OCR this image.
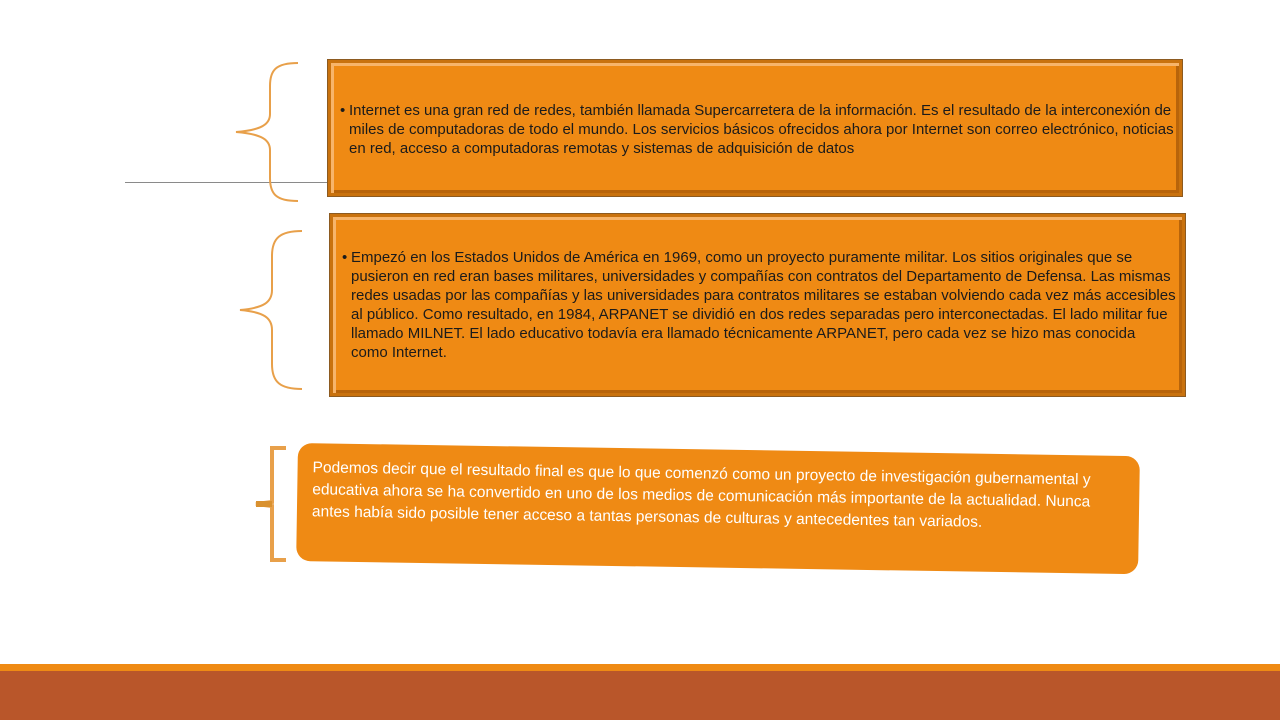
• Internet es una gran red de redes, también llamada Supercarretera de la información. Es el resultado de la interconexión de miles de computadoras de todo el mundo. Los servicios básicos ofrecidos ahora por Internet son correo electrónico, noticias en red, acceso a computadoras remotas y sistemas de adquisición de datos
• Empezó en los Estados Unidos de América en 1969, como un proyecto puramente militar. Los sitios originales que se pusieron en red eran bases militares, universidades y compañías con contratos del Departamento de Defensa. Las mismas redes usadas por las compañías y las universidades para contratos militares se estaban volviendo cada vez más accesibles al público. Como resultado, en 1984, ARPANET se dividió en dos redes separadas pero interconectadas. El lado militar fue llamado MILNET. El lado educativo todavía era llamado técnicamente ARPANET, pero cada vez se hizo mas conocida como Internet.
Podemos decir que el resultado final es que lo que comenzó como un proyecto de investigación gubernamental y educativa ahora se ha convertido en uno de los medios de comunicación más importante de la actualidad. Nunca antes había sido posible tener acceso a tantas personas de culturas y antecedentes tan variados.
